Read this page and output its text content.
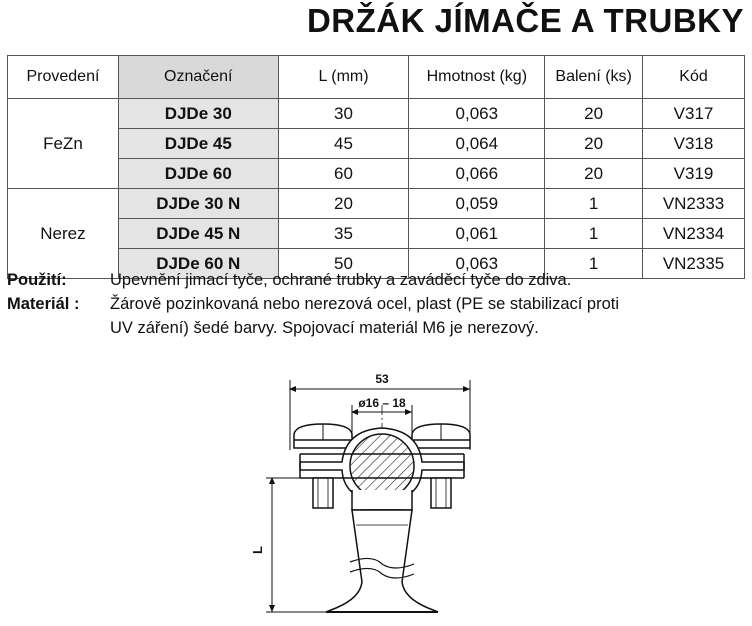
DRŽÁK JÍMAČE A TRUBKY
Provedení	Označení	L (mm)	Hmotnost (kg)	Balení (ks)	Kód
FeZn	DJDe 30	30	0,063	20	V317
	DJDe 45	45	0,064	20	V318
	DJDe 60	60	0,066	20	V319
Nerez	DJDe 30 N	20	0,059	1	VN2333
	DJDe 45 N	35	0,061	1	VN2334
	DJDe 60 N	50	0,063	1	VN2335
Použití:	Upevnění jimací tyče, ochrané trubky a zaváděcí tyče do zdiva.
Materiál : Žárově pozinkovaná nebo nerezová ocel, plast (PE se stabilizací proti
UV záření) šedé barvy. Spojovací materiál M6 je nerezový.
53
ø16 – 18
L
